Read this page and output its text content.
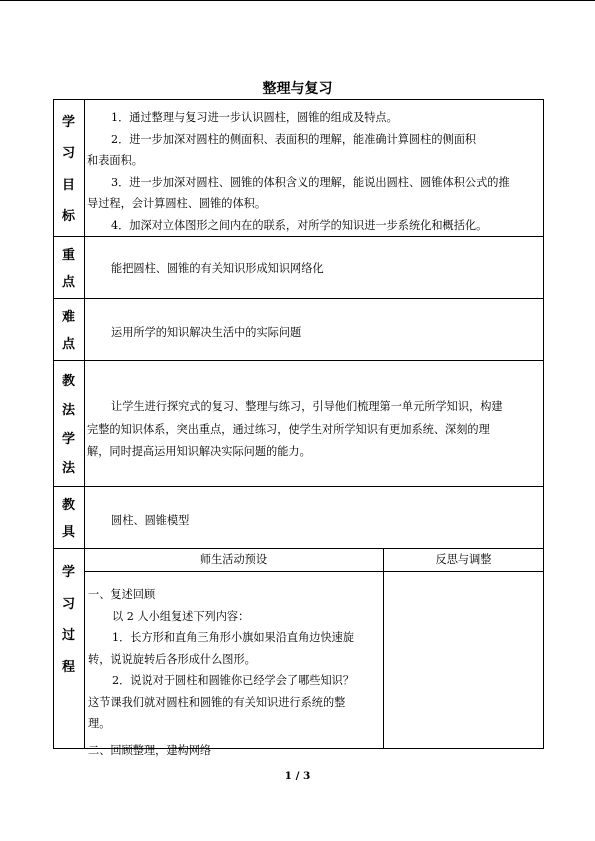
整理与复习
学
习
目
标

1．通过整理与复习进一步认识圆柱，圆锥的组成及特点。

2．进一步加深对圆柱的侧面积、表面积的理解，能准确计算圆柱的侧面积

和表面积。

3．进一步加深对圆柱、圆锥的体积含义的理解，能说出圆柱、圆锥体积公式的推

导过程，会计算圆柱、圆锥的体积。

4．加深对立体图形之间内在的联系，对所学的知识进一步系统化和概括化。

重
点
能把圆柱、圆锥的有关知识形成知识网络化
难
点
运用所学的知识解决生活中的实际问题
教
法
学
法

让学生进行探究式的复习、整理与练习，引导他们梳理第一单元所学知识，构建

完整的知识体系，突出重点，通过练习，使学生对所学知识有更加系统、深刻的理

解，同时提高运用知识解决实际问题的能力。

教
具
圆柱、圆锥模型
学
习
过
程
师生活动预设	反思与调整

一、复述回顾

以 2 人小组复述下列内容：

1．长方形和直角三角形小旗如果沿直角边快速旋

转，说说旋转后各形成什么图形。

2．说说对于圆柱和圆锥你已经学会了哪些知识？

这节课我们就对圆柱和圆锥的有关知识进行系统的整

理。

二、回顾整理，建构网络
1 / 3
